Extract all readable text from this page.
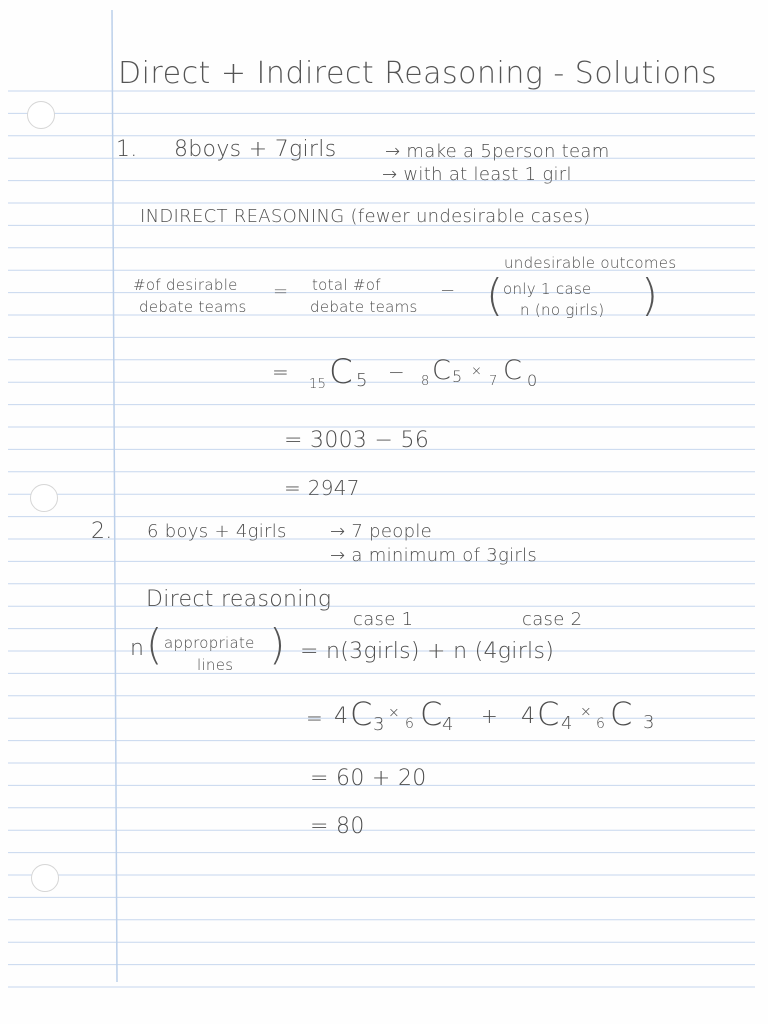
Direct + Indirect Reasoning - Solutions
1. 8boys + 7girls	→ make a 5person team
→ with at least 1 girl
INDIRECT REASONING (fewer undesirable cases)
undesirable outcomes
#of desirable
debate teams
= total #of
debate teams
− ( only 1 case
n (no girls) )
=
15 C 5 − 8 C 5 ×
7 C 0
= 3003 − 56
= 2947
2. 6 boys + 4girls → 7 people
→ a minimum of 3girls
Direct reasoning
case 1	case 2
n ( appropriate
lines ) = n(3girls) + n (4girls)
= 4 C 3
×
6 C 4 + 4 C 4
×
6 C 3
= 60 + 20
= 80
